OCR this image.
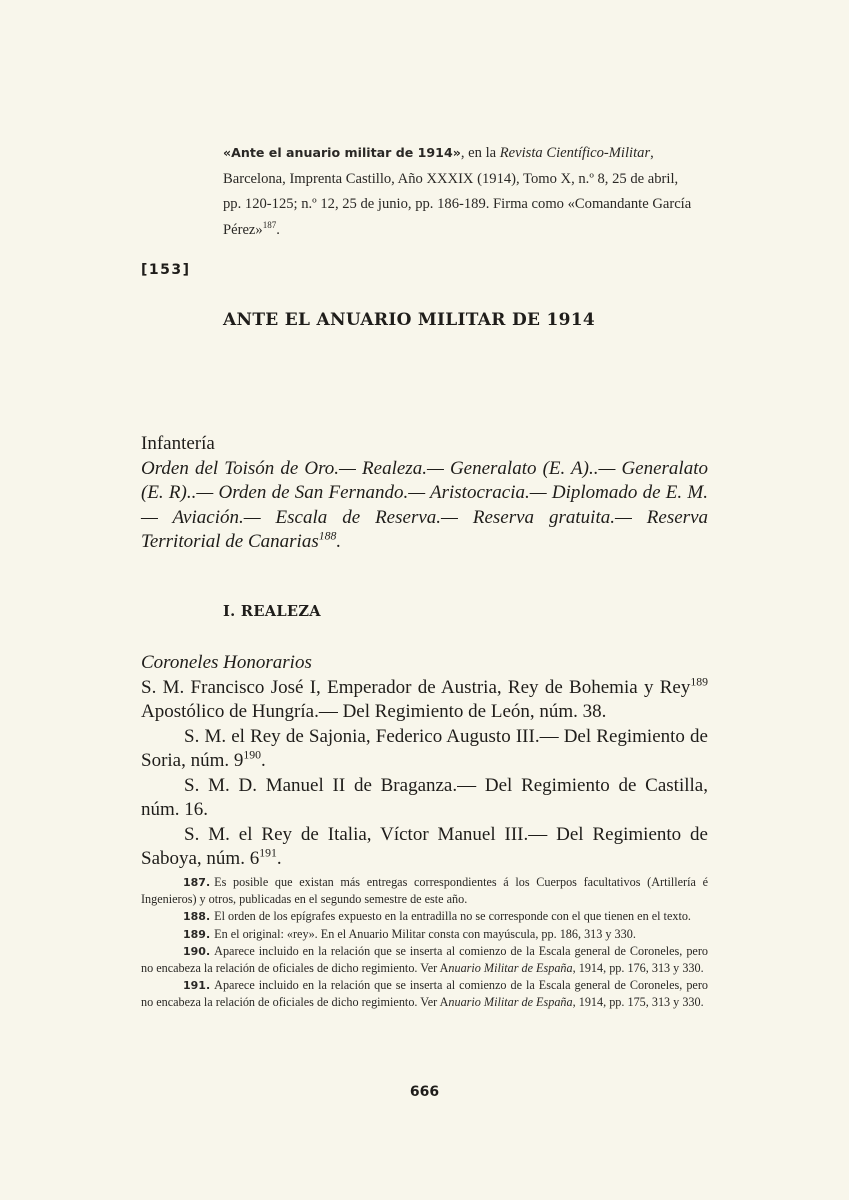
«Ante el anuario militar de 1914», en la Revista Científico-Militar, Barcelona, Imprenta Castillo, Año XXXIX (1914), Tomo X, n.º 8, 25 de abril, pp. 120-125; n.º 12, 25 de junio, pp. 186-189. Firma como «Comandante García Pérez»$^{187}$.
[153]
ANTE EL ANUARIO MILITAR DE 1914
Infantería
Orden del Toisón de Oro.— Realeza.— Generalato (E. A)..— Generalato (E. R)..— Orden de San Fernando.— Aristocracia.— Diplomado de E. M.— Aviación.— Escala de Reserva.— Reserva gratuita.— Reserva Territorial de Canarias$^{188}$.
I. REALEZA
Coroneles Honorarios
S. M. Francisco José I, Emperador de Austria, Rey de Bohemia y Rey$^{189}$ Apostólico de Hungría.— Del Regimiento de León, núm. 38.
S. M. el Rey de Sajonia, Federico Augusto III.— Del Regimiento de Soria, núm. $9^{190}$.
S. M. D. Manuel II de Braganza.— Del Regimiento de Castilla, núm. 16.
S. M. el Rey de Italia, Víctor Manuel III.— Del Regimiento de Saboya, núm. $6^{191}$.

187. Es posible que existan más entregas correspondientes á los Cuerpos facultativos (Artillería é Ingenieros) y otros, publicadas en el segundo semestre de este año.

188. El orden de los epígrafes expuesto en la entradilla no se corresponde con el que tienen en el texto.

189. En el original: «rey». En el Anuario Militar consta con mayúscula, pp. 186, 313 y 330.

190. Aparece incluido en la relación que se inserta al comienzo de la Escala general de Coroneles, pero no encabeza la relación de oficiales de dicho regimiento. Ver Anuario Militar de España, 1914, pp. 176, 313 y 330.

191. Aparece incluido en la relación que se inserta al comienzo de la Escala general de Coroneles, pero no encabeza la relación de oficiales de dicho regimiento. Ver Anuario Militar de España, 1914, pp. 175, 313 y 330.

666
